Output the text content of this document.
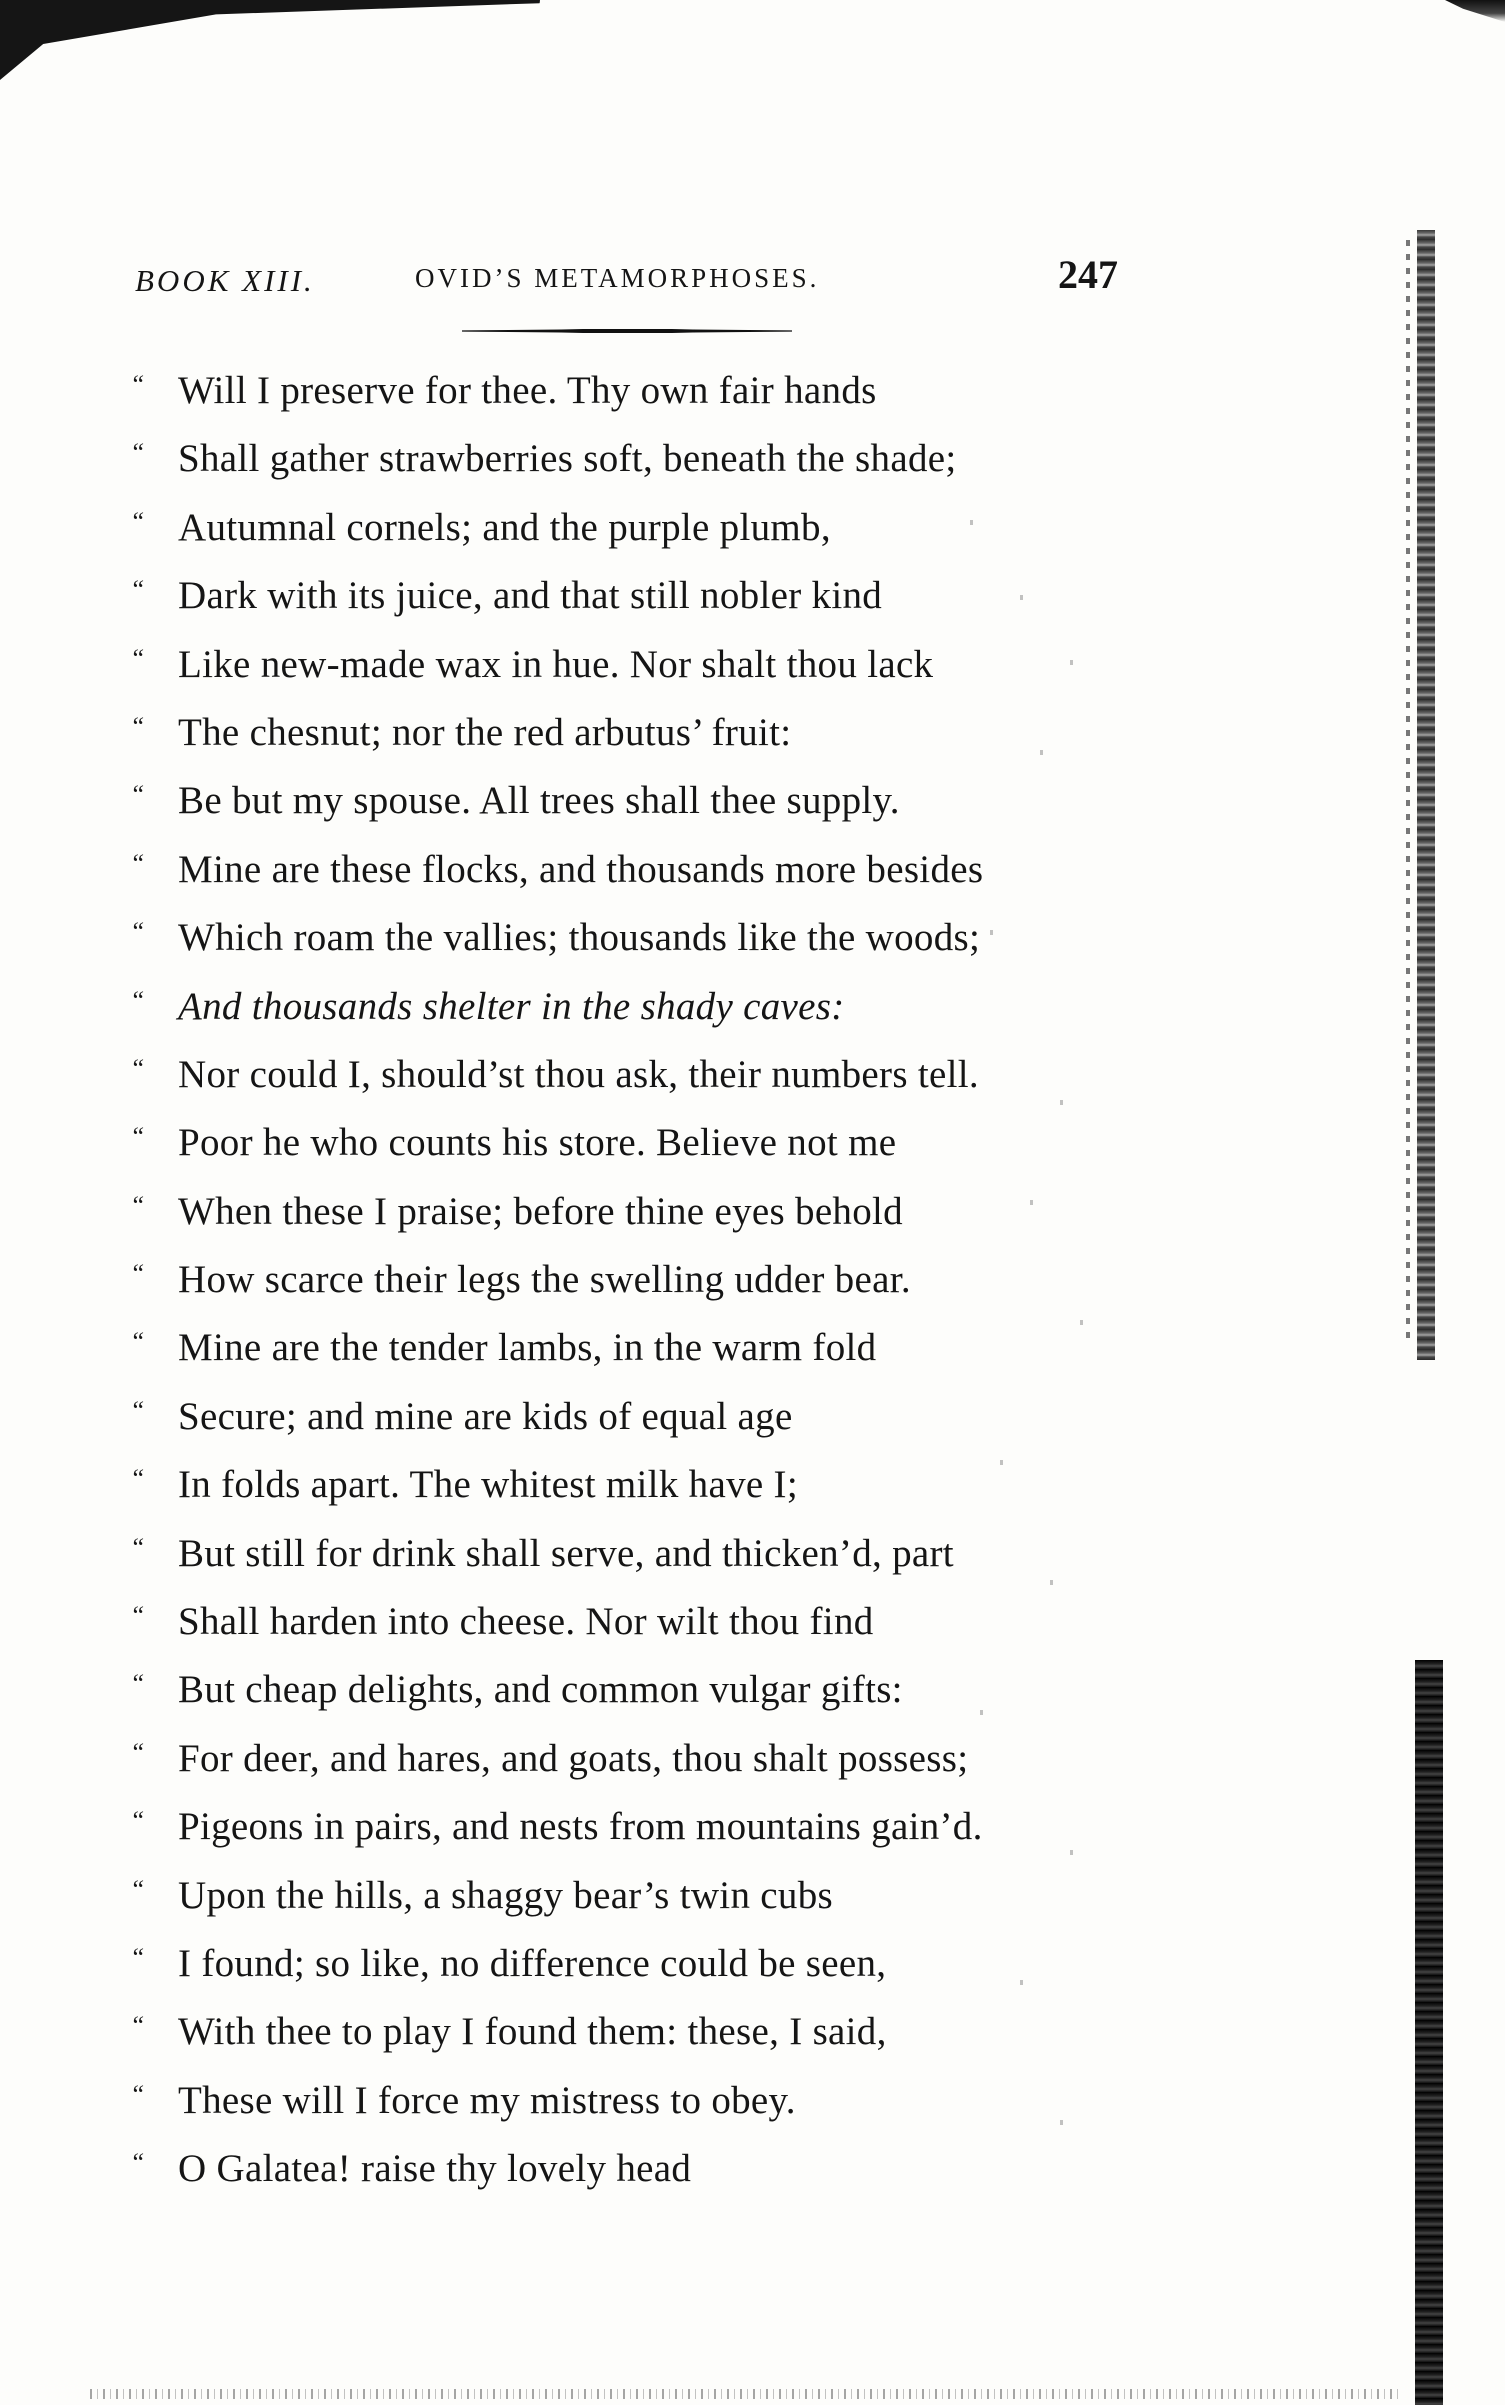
BOOK XIII.	OVID’S METAMORPHOSES.	247
“ Will I preserve for thee. Thy own fair hands
“ Shall gather strawberries soft, beneath the shade;
“ Autumnal cornels; and the purple plumb,
“ Dark with its juice, and that still nobler kind
“ Like new-made wax in hue. Nor shalt thou lack
“ The chesnut; nor the red arbutus’ fruit:
“ Be but my spouse. All trees shall thee supply.
“ Mine are these flocks, and thousands more besides
“ Which roam the vallies; thousands like the woods;
“ And thousands shelter in the shady caves:
“ Nor could I, should’st thou ask, their numbers tell.
“ Poor he who counts his store. Believe not me
“ When these I praise; before thine eyes behold
“ How scarce their legs the swelling udder bear.
“ Mine are the tender lambs, in the warm fold
“ Secure; and mine are kids of equal age
“ In folds apart. The whitest milk have I;
“ But still for drink shall serve, and thicken’d, part
“ Shall harden into cheese. Nor wilt thou find
“ But cheap delights, and common vulgar gifts:
“ For deer, and hares, and goats, thou shalt possess;
“ Pigeons in pairs, and nests from mountains gain’d.
“ Upon the hills, a shaggy bear’s twin cubs
“ I found; so like, no difference could be seen,
“ With thee to play I found them: these, I said,
“ These will I force my mistress to obey.
“ O Galatea! raise thy lovely head
